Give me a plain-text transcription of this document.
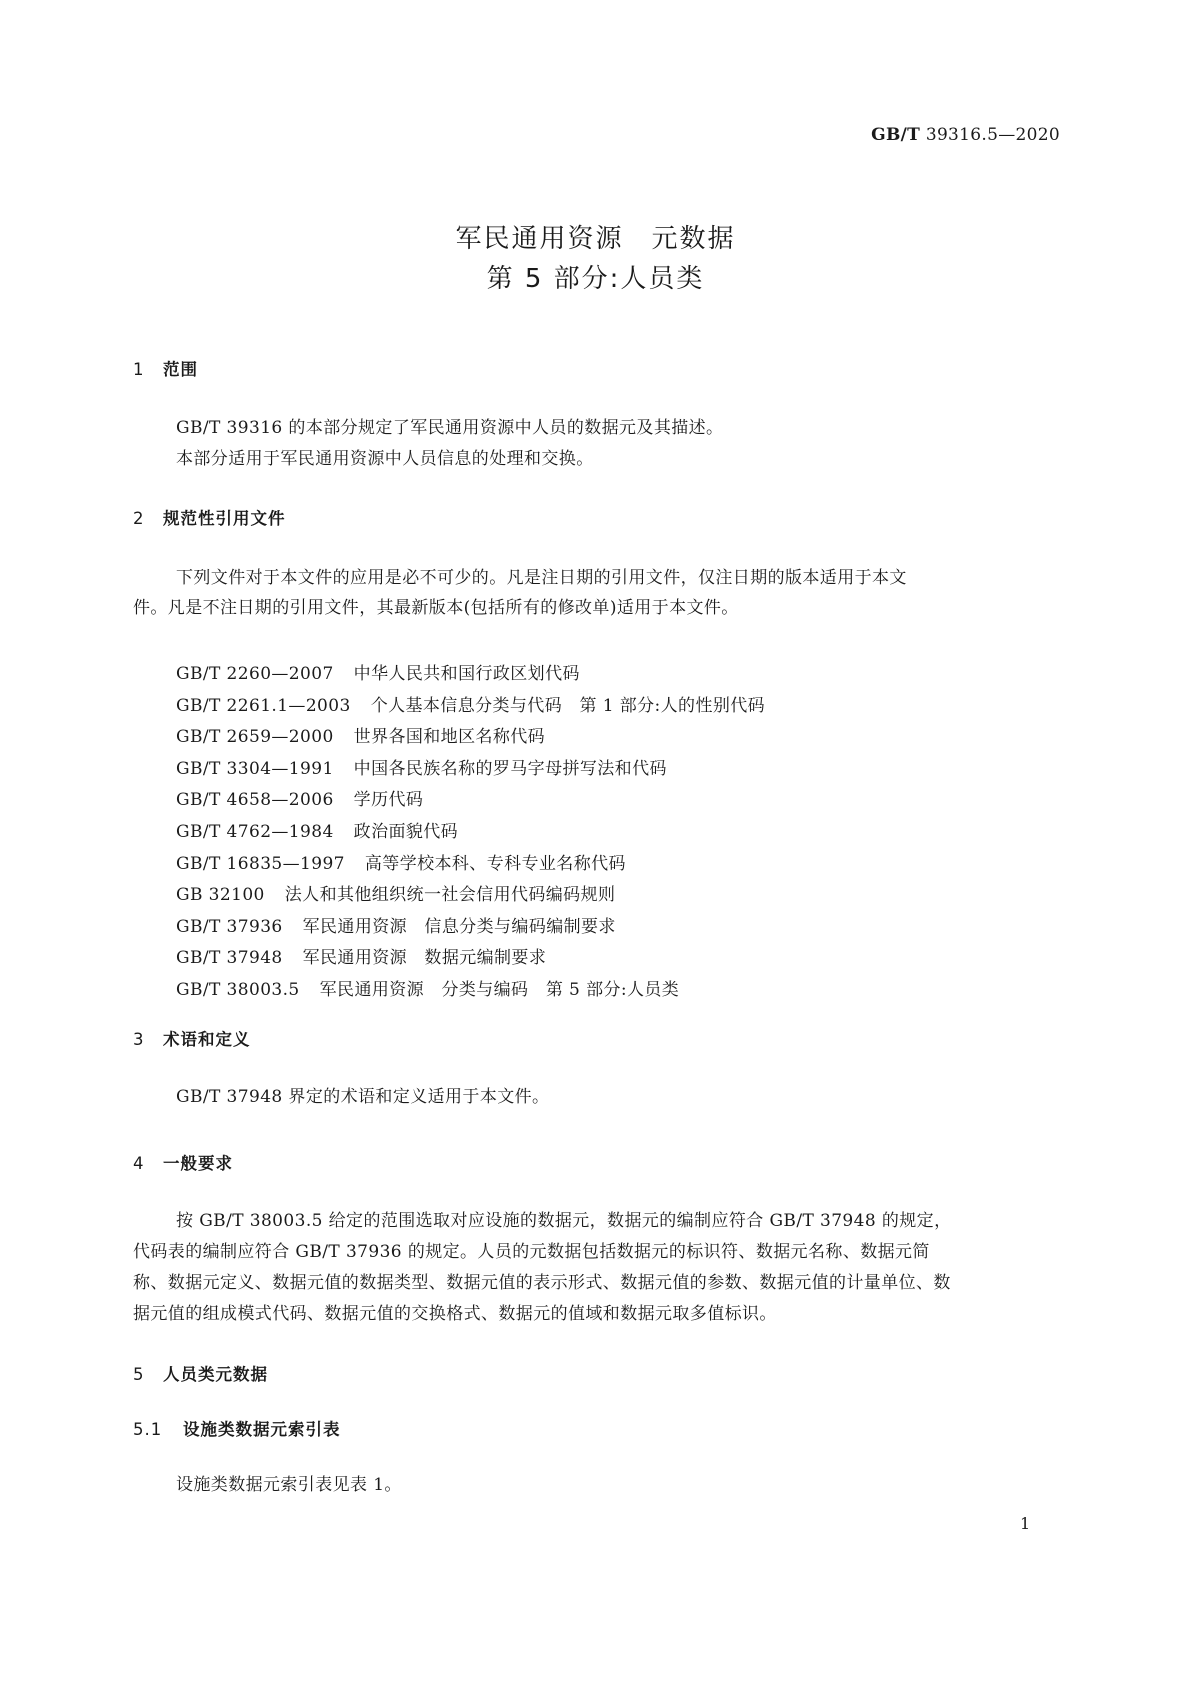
GB/T 39316.5—2020
军民通用资源　元数据
第 5 部分:人员类
1 范围
GB/T 39316 的本部分规定了军民通用资源中人员的数据元及其描述。
本部分适用于军民通用资源中人员信息的处理和交换。
2 规范性引用文件
下列文件对于本文件的应用是必不可少的。凡是注日期的引用文件，仅注日期的版本适用于本文
件。凡是不注日期的引用文件，其最新版本(包括所有的修改单)适用于本文件。
GB/T 2260—2007 中华人民共和国行政区划代码
GB/T 2261.1—2003 个人基本信息分类与代码　第 1 部分:人的性别代码
GB/T 2659—2000 世界各国和地区名称代码
GB/T 3304—1991 中国各民族名称的罗马字母拼写法和代码
GB/T 4658—2006 学历代码
GB/T 4762—1984 政治面貌代码
GB/T 16835—1997 高等学校本科、专科专业名称代码
GB 32100 法人和其他组织统一社会信用代码编码规则
GB/T 37936 军民通用资源　信息分类与编码编制要求
GB/T 37948 军民通用资源　数据元编制要求
GB/T 38003.5 军民通用资源　分类与编码　第 5 部分:人员类
3 术语和定义
GB/T 37948 界定的术语和定义适用于本文件。
4 一般要求
按 GB/T 38003.5 给定的范围选取对应设施的数据元，数据元的编制应符合 GB/T 37948 的规定，
代码表的编制应符合 GB/T 37936 的规定。人员的元数据包括数据元的标识符、数据元名称、数据元简
称、数据元定义、数据元值的数据类型、数据元值的表示形式、数据元值的参数、数据元值的计量单位、数
据元值的组成模式代码、数据元值的交换格式、数据元的值域和数据元取多值标识。
5 人员类元数据
5.1 设施类数据元索引表
设施类数据元索引表见表 1。
1
